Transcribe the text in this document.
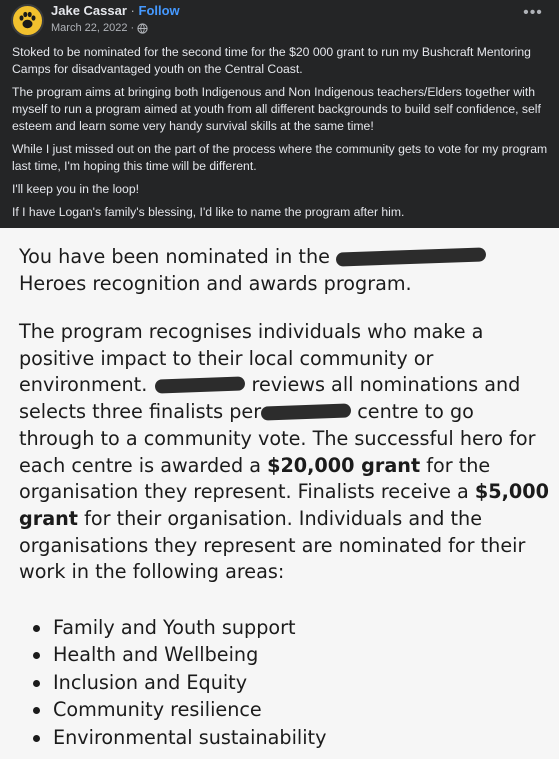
Jake Cassar · Follow
March 22, 2022 ·
•••

Stoked to be nominated for the second time for the $20 000 grant to run my Bushcraft Mentoring Camps for disadvantaged youth on the Central Coast.

The program aims at bringing both Indigenous and Non Indigenous teachers/Elders together with myself to run a program aimed at youth from all different backgrounds to build self confidence, self esteem and learn some very handy survival skills at the same time!

While I just missed out on the part of the process where the community gets to vote for my program last time, I'm hoping this time will be different.

I'll keep you in the loop!

If I have Logan's family's blessing, I'd like to name the program after him.

You have been nominated in the  Heroes recognition and awards program.
The program recognises individuals who make a positive impact to their local community or environment.	reviews all nominations and selects three finalists per	centre to go through to a community vote. The successful hero for each centre is awarded a $20,000 grant for the organisation they represent. Finalists receive a $5,000 grant for their organisation. Individuals and the organisations they represent are nominated for their work in the following areas:
Family and Youth support
Health and Wellbeing
Inclusion and Equity
Community resilience
Environmental sustainability
